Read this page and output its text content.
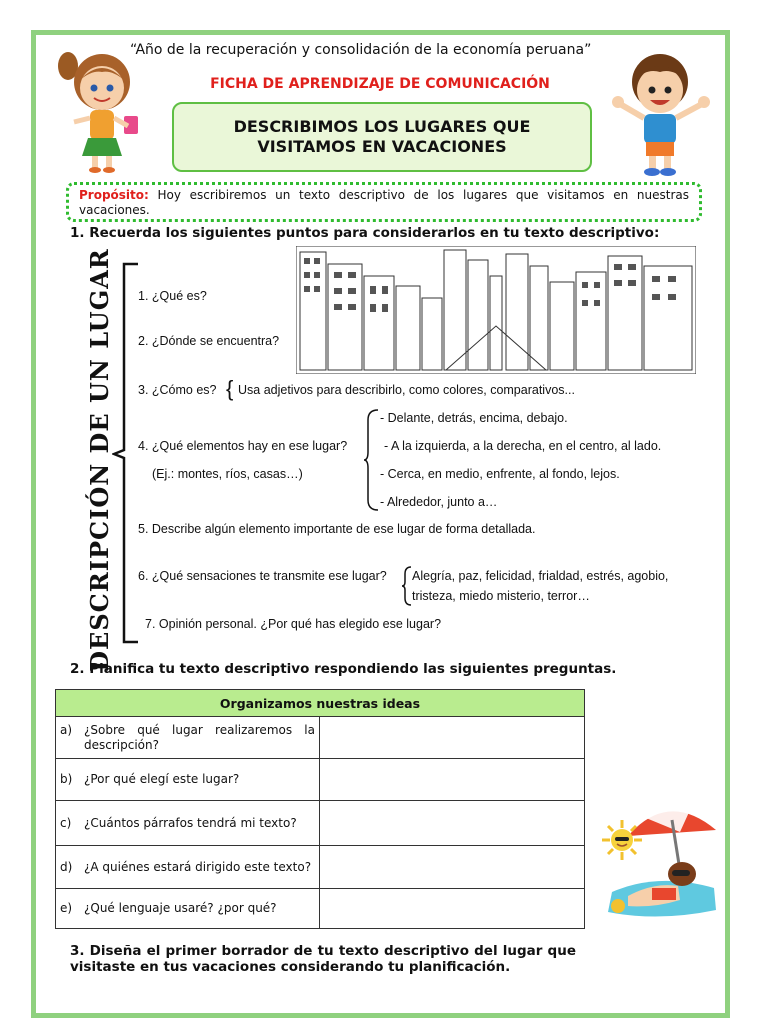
“Año de la recuperación y consolidación de la economía peruana”
FICHA DE APRENDIZAJE DE COMUNICACIÓN
DESCRIBIMOS LOS LUGARES QUE
VISITAMOS EN VACACIONES
Propósito: Hoy escribiremos un texto descriptivo de los lugares que visitamos en nuestras vacaciones.
1. Recuerda los siguientes puntos para considerarlos en tu texto descriptivo:
DESCRIPCIÓN DE UN LUGAR	1. ¿Qué es?
2. ¿Dónde se encuentra?
3. ¿Cómo es? { Usa adjetivos para describirlo, como colores, comparativos...
4. ¿Qué elementos hay en ese lugar?
(Ej.: montes, ríos, casas…)
- Delante, detrás, encima, debajo.
- A la izquierda, a la derecha, en el centro, al lado.
- Cerca, en medio, enfrente, al fondo, lejos.
- Alrededor, junto a…
5. Describe algún elemento importante de ese lugar de forma detallada.
6. ¿Qué sensaciones te transmite ese lugar? Alegría, paz, felicidad, frialdad, estrés, agobio,
tristeza, miedo misterio, terror…
7. Opinión personal. ¿Por qué has elegido ese lugar?
2. Planifica tu texto descriptivo respondiendo las siguientes preguntas.
Organizamos nuestras ideas	

a) ¿Sobre qué lugar realizaremos la descripción?	

b) ¿Por qué elegí este lugar?	

c) ¿Cuántos párrafos tendrá mi texto?	

d) ¿A quiénes estará dirigido este texto?	

e) ¿Qué lenguaje usaré? ¿por qué?	

3. Diseña el primer borrador de tu texto descriptivo del lugar que visitaste en tus vacaciones considerando tu planificación.
